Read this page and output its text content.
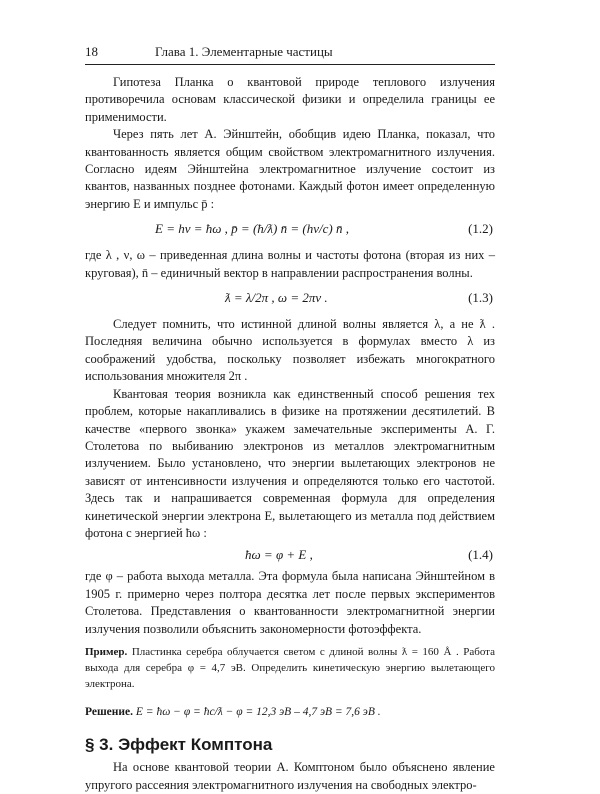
18	Глава 1. Элементарные частицы

Гипотеза Планка о квантовой природе теплового излучения противоречила основам классической физики и определила границы ее применимости.

Через пять лет А. Эйнштейн, обобщив идею Планка, показал, что квантованность является общим свойством электромагнитного излучения. Согласно идеям Эйнштейна электромагнитное излучение состоит из квантов, названных позднее фотонами. Каждый фотон имеет определенную энергию E и импульс p̄ :

E = hν = ħω , p̄ = (ħ/ƛ) n̄ = (hν/c) n̄ ,	(1.2)

где λ , ν, ω – приведенная длина волны и частоты фотона (вторая из них – круговая), n̄ – единичный вектор в направлении распространения волны.

ƛ = λ/2π , ω = 2πν .	(1.3)

Следует помнить, что истинной длиной волны является λ, а не ƛ . Последняя величина обычно используется в формулах вместо λ из соображений удобства, поскольку позволяет избежать многократного использования множителя 2π .

Квантовая теория возникла как единственный способ решения тех проблем, которые накапливались в физике на протяжении десятилетий. В качестве «первого звонка» укажем замечательные эксперименты А. Г. Столетова по выбиванию электронов из металлов электромагнитным излучением. Было установлено, что энергии вылетающих электронов не зависят от интенсивности излучения и определяются только его частотой. Здесь так и напрашивается современная формула для определения кинетической энергии электрона E, вылетающего из металла под действием фотона с энергией ħω :

ħω = φ + E ,	(1.4)

где φ – работа выхода металла. Эта формула была написана Эйнштейном в 1905 г. примерно через полтора десятка лет после первых экспериментов Столетова. Представления о квантованности электромагнитной энергии излучения позволили объяснить закономерности фотоэффекта.

Пример. Пластинка серебра облучается светом с длиной волны ƛ = 160 Å . Работа выхода для серебра φ = 4,7 эВ. Определить кинетическую энергию вылетающего электрона.

Решение. E = ħω − φ = ħc/ƛ − φ = 12,3 эВ – 4,7 эВ = 7,6 эВ .
§ 3. Эффект Комптона

На основе квантовой теории А. Комптоном было объяснено явление упругого рассеяния электромагнитного излучения на свободных электро-
